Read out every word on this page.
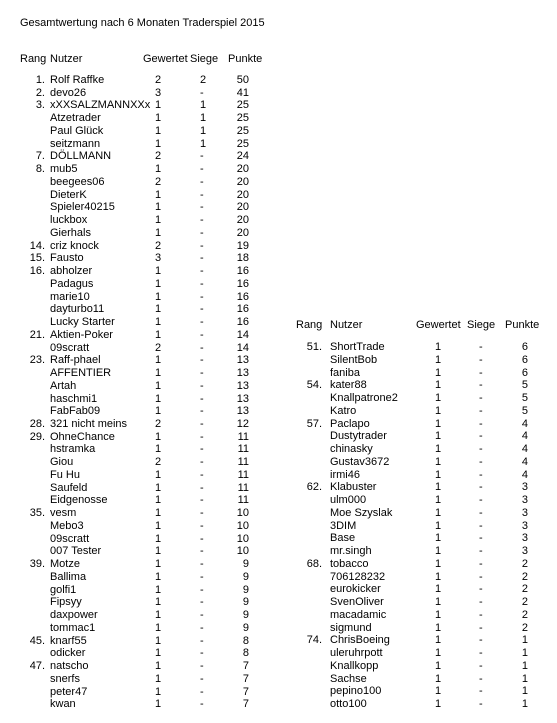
Gesamtwertung nach 6 Monaten Traderspiel 2015
Rang Nutzer	Gewertet Siege Punkte
Rang Nutzer	Gewertet Siege Punkte
1. Rolf Raffke	2	2	50
2. devo26	3	-	41
3. xXXSALZMANNXXx 1	1	25
Atzetrader	1	1	25
Paul Glück	1	1	25
seitzmann	1	1	25
7. DÖLLMANN	2	-	24
8. mub5	1	-	20
beegees06	2	-	20
DieterK	1	-	20
Spieler40215	1	-	20
luckbox	1	-	20
Gierhals	1	-	20
14. criz knock	2	-	19
15. Fausto	3	-	18
16. abholzer	1	-	16
Padagus	1	-	16
marie10	1	-	16
dayturbo11	1	-	16
Lucky Starter	1	-	16
21. Aktien-Poker	1	-	14
09scratt	2	-	14
23. Raff-phael	1	-	13
AFFENTIER	1	-	13
Artah	1	-	13
haschmi1	1	-	13
FabFab09	1	-	13
28. 321 nicht meins	2	-	12
29. OhneChance	1	-	11
hstramka	1	-	11
Giou	2	-	11
Fu Hu	1	-	11
Saufeld	1	-	11
Eidgenosse	1	-	11
35. vesm	1	-	10
Mebo3	1	-	10
09scratt	1	-	10
007 Tester	1	-	10
39. Motze	1	-	9
Ballima	1	-	9
golfi1	1	-	9
Fipsyy	1	-	9
daxpower	1	-	9
tommac1	1	-	9
45. knarf55	1	-	8
odicker	1	-	8
47. natscho	1	-	7
snerfs	1	-	7
peter47	1	-	7
kwan	1	-	7
51. ShortTrade	1	-	6
SilentBob	1	-	6
faniba	1	-	6
54. kater88	1	-	5
Knallpatrone2	1	-	5
Katro	1	-	5
57. Paclapo	1	-	4
Dustytrader	1	-	4
chinasky	1	-	4
Gustav3672	1	-	4
irmi46	1	-	4
62. Klabuster	1	-	3
ulm000	1	-	3
Moe Szyslak	1	-	3
3DIM	1	-	3
Base	1	-	3
mr.singh	1	-	3
68. tobacco	1	-	2
706128232	1	-	2
eurokicker	1	-	2
SvenOliver	1	-	2
macadamic	1	-	2
sigmund	1	-	2
74. ChrisBoeing	1	-	1
uleruhrpott	1	-	1
Knallkopp	1	-	1
Sachse	1	-	1
pepino100	1	-	1
otto100	1	-	1
